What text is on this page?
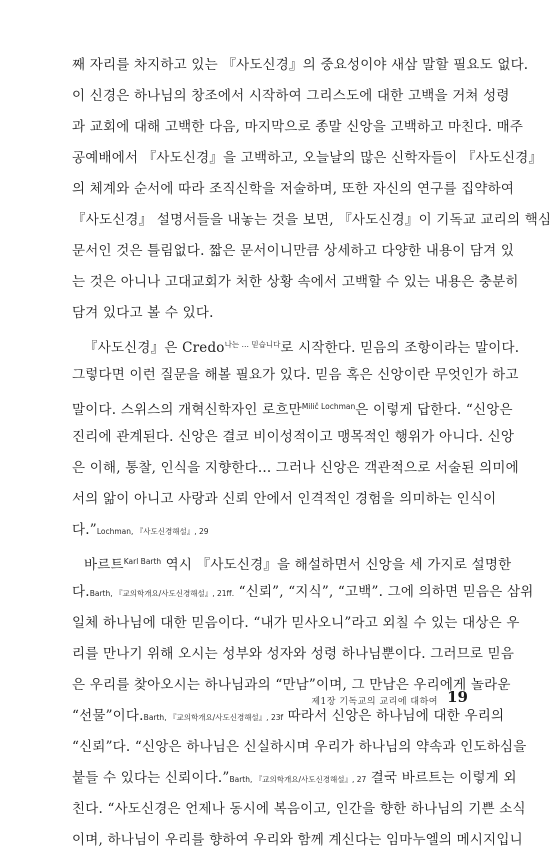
째 자리를 차지하고 있는 『사도신경』의 중요성이야 새삼 말할 필요도 없다.
이 신경은 하나님의 창조에서 시작하여 그리스도에 대한 고백을 거쳐 성령
과 교회에 대해 고백한 다음, 마지막으로 종말 신앙을 고백하고 마친다. 매주
공예배에서 『사도신경』을 고백하고, 오늘날의 많은 신학자들이 『사도신경』
의 체계와 순서에 따라 조직신학을 저술하며, 또한 자신의 연구를 집약하여
『사도신경』 설명서들을 내놓는 것을 보면, 『사도신경』이 기독교 교리의 핵심
문서인 것은 틀림없다. 짧은 문서이니만큼 상세하고 다양한 내용이 담겨 있
는 것은 아니나 고대교회가 처한 상황 속에서 고백할 수 있는 내용은 충분히
담겨 있다고 볼 수 있다.
『사도신경』은 Credo$^{나는 \dots 믿습니다}$로 시작한다. 믿음의 조항이라는 말이다.
그렇다면 이런 질문을 해볼 필요가 있다. 믿음 혹은 신앙이란 무엇인가 하고
말이다. 스위스의 개혁신학자인 로흐만$^{Milič Lochman}$은 이렇게 답한다. “신앙은
진리에 관계된다. 신앙은 결코 비이성적이고 맹목적인 행위가 아니다. 신앙
은 이해, 통찰, 인식을 지향한다... 그러나 신앙은 객관적으로 서술된 의미에
서의 앎이 아니고 사랑과 신뢰 안에서 인격적인 경험을 의미하는 인식이
다.”Lochman, 『사도신경해설』, 29
바르트$^{Karl Barth}$ 역시 『사도신경』을 해설하면서 신앙을 세 가지로 설명한
다.Barth, 『교의학개요/사도신경해설』, 21ff. “신뢰”, “지식”, “고백”. 그에 의하면 믿음은 삼위
일체 하나님에 대한 믿음이다. “내가 믿사오니”라고 외칠 수 있는 대상은 우
리를 만나기 위해 오시는 성부와 성자와 성령 하나님뿐이다. 그러므로 믿음
은 우리를 찾아오시는 하나님과의 “만남”이며, 그 만남은 우리에게 놀라운
“선물”이다.Barth, 『교의학개요/사도신경해설』, 23f 따라서 신앙은 하나님에 대한 우리의
“신뢰”다. “신앙은 하나님은 신실하시며 우리가 하나님의 약속과 인도하심을
붙들 수 있다는 신뢰이다.”Barth, 『교의학개요/사도신경해설』, 27 결국 바르트는 이렇게 외
친다. “사도신경은 언제나 동시에 복음이고, 인간을 향한 하나님의 기쁜 소식
이며, 하나님이 우리를 향하여 우리와 함께 계신다는 임마누엘의 메시지입니
제1장 기독교의 교리에 대하여 19
